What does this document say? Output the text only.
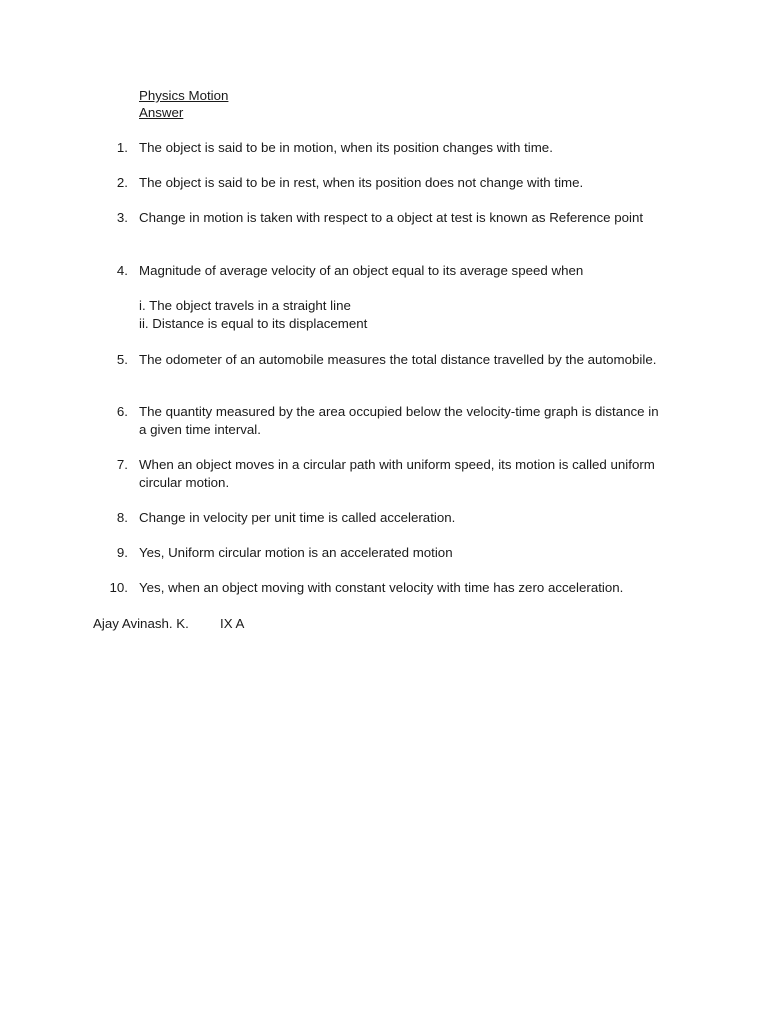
Physics Motion
Answer
1. The object is said to be in motion, when its position changes with time.
2. The object is said to be in rest, when its position does not change with time.
3. Change in motion is taken with respect to a object at test is known as Reference point
4. Magnitude of average velocity of an object equal to its average speed when
i. The object travels in a straight line
ii. Distance is equal to its displacement
5. The odometer of an automobile measures the total distance travelled by the automobile.
6. The quantity measured by the area occupied below the velocity-time graph is distance in a given time interval.
7. When an object moves in a circular path with uniform speed, its motion is called uniform circular motion.
8. Change in velocity per unit time is called acceleration.
9. Yes, Uniform circular motion is an accelerated motion
10. Yes, when an object moving with constant velocity with time has zero acceleration.
Ajay Avinash. K. IX A
